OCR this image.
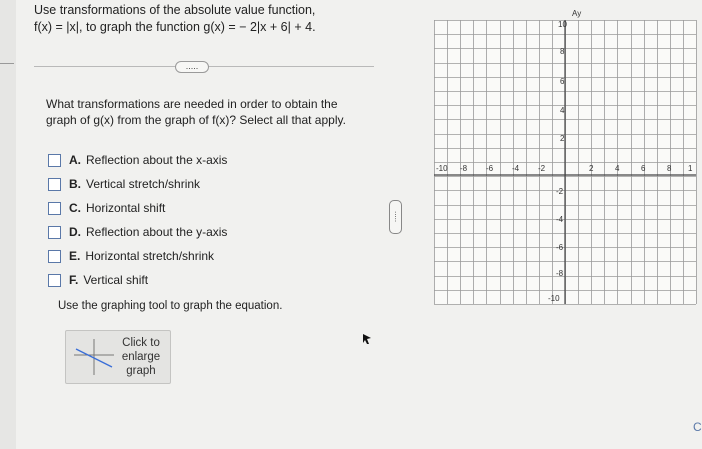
Use transformations of the absolute value function,
f(x) = |x|, to graph the function g(x) = − 2|x + 6| + 4.
.....
What transformations are needed in order to obtain the
graph of g(x) from the graph of f(x)? Select all that apply.
A. Reflection about the x-axis
B. Vertical stretch/shrink
C. Horizontal shift
D. Reflection about the y-axis
E. Horizontal stretch/shrink
F. Vertical shift
Use the graphing tool to graph the equation.
Click to
enlarge
graph
.....
Ay
-10 -8 -6 -4 -2	2	4	6	8 1
10
8
6
4
2
-2
-4
-6
-8
-10
C
